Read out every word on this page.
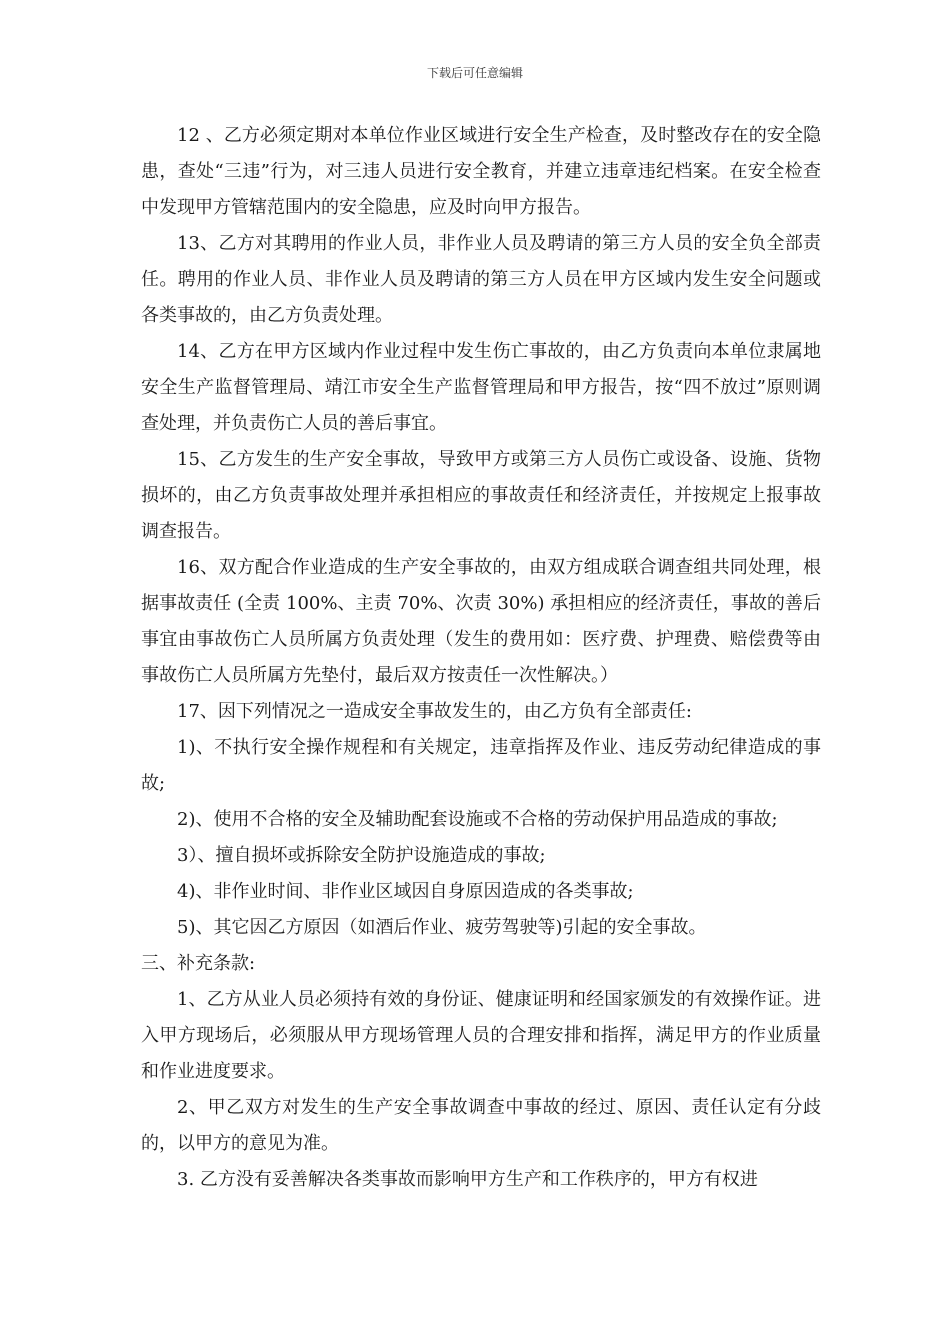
下载后可任意编辑

12 、乙方必须定期对本单位作业区域进行安全生产检查，及时整改存在的安全隐患，查处“三违”行为，对三违人员进行安全教育，并建立违章违纪档案。在安全检查中发现甲方管辖范围内的安全隐患，应及时向甲方报告。

13、乙方对其聘用的作业人员，非作业人员及聘请的第三方人员的安全负全部责任。聘用的作业人员、非作业人员及聘请的第三方人员在甲方区域内发生安全问题或各类事故的，由乙方负责处理。

14、乙方在甲方区域内作业过程中发生伤亡事故的，由乙方负责向本单位隶属地安全生产监督管理局、靖江市安全生产监督管理局和甲方报告，按“四不放过”原则调查处理，并负责伤亡人员的善后事宜。

15、乙方发生的生产安全事故，导致甲方或第三方人员伤亡或设备、设施、货物损坏的，由乙方负责事故处理并承担相应的事故责任和经济责任，并按规定上报事故调查报告。

16、双方配合作业造成的生产安全事故的，由双方组成联合调查组共同处理，根据事故责任 (全责 100%、主责 70%、次责 30%) 承担相应的经济责任，事故的善后事宜由事故伤亡人员所属方负责处理（发生的费用如：医疗费、护理费、赔偿费等由事故伤亡人员所属方先垫付，最后双方按责任一次性解决。）

17、因下列情况之一造成安全事故发生的，由乙方负有全部责任:

1)、不执行安全操作规程和有关规定，违章指挥及作业、违反劳动纪律造成的事故;

2)、使用不合格的安全及辅助配套设施或不合格的劳动保护用品造成的事故;

3）、擅自损坏或拆除安全防护设施造成的事故;

4)、非作业时间、非作业区域因自身原因造成的各类事故;

5)、其它因乙方原因（如酒后作业、疲劳驾驶等)引起的安全事故。

三、补充条款:

1、乙方从业人员必须持有效的身份证、健康证明和经国家颁发的有效操作证。进入甲方现场后，必须服从甲方现场管理人员的合理安排和指挥，满足甲方的作业质量和作业进度要求。

2、甲乙双方对发生的生产安全事故调查中事故的经过、原因、责任认定有分歧的，以甲方的意见为准。

3. 乙方没有妥善解决各类事故而影响甲方生产和工作秩序的，甲方有权进
